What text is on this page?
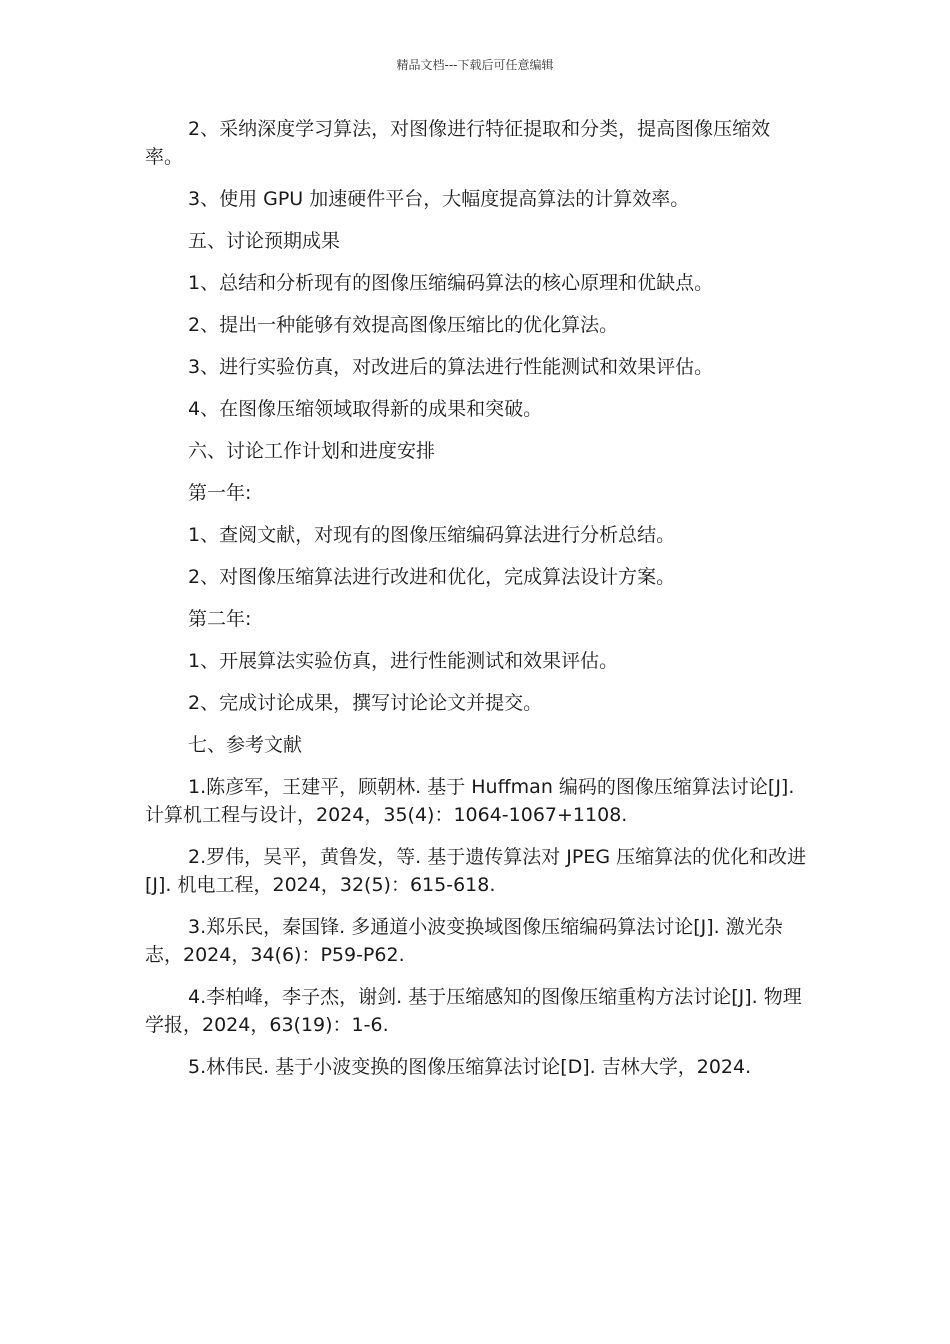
精品文档---下载后可任意编辑

2、采纳深度学习算法，对图像进行特征提取和分类，提高图像压缩效率。

3、使用 GPU 加速硬件平台，大幅度提高算法的计算效率。

五、讨论预期成果

1、总结和分析现有的图像压缩编码算法的核心原理和优缺点。

2、提出一种能够有效提高图像压缩比的优化算法。

3、进行实验仿真，对改进后的算法进行性能测试和效果评估。

4、在图像压缩领域取得新的成果和突破。

六、讨论工作计划和进度安排

第一年:

1、查阅文献，对现有的图像压缩编码算法进行分析总结。

2、对图像压缩算法进行改进和优化，完成算法设计方案。

第二年:

1、开展算法实验仿真，进行性能测试和效果评估。

2、完成讨论成果，撰写讨论论文并提交。

七、参考文献

1.陈彦军，王建平，顾朝林. 基于 Huffman 编码的图像压缩算法讨论[J]. 计算机工程与设计，2024，35(4)：1064-1067+1108.

2.罗伟，吴平，黄鲁发，等. 基于遗传算法对 JPEG 压缩算法的优化和改进[J]. 机电工程，2024，32(5)：615-618.

3.郑乐民，秦国锋. 多通道小波变换域图像压缩编码算法讨论[J]. 激光杂志，2024，34(6)：P59-P62.

4.李柏峰，李子杰，谢剑. 基于压缩感知的图像压缩重构方法讨论[J]. 物理学报，2024，63(19)：1-6.

5.林伟民. 基于小波变换的图像压缩算法讨论[D]. 吉林大学，2024.
